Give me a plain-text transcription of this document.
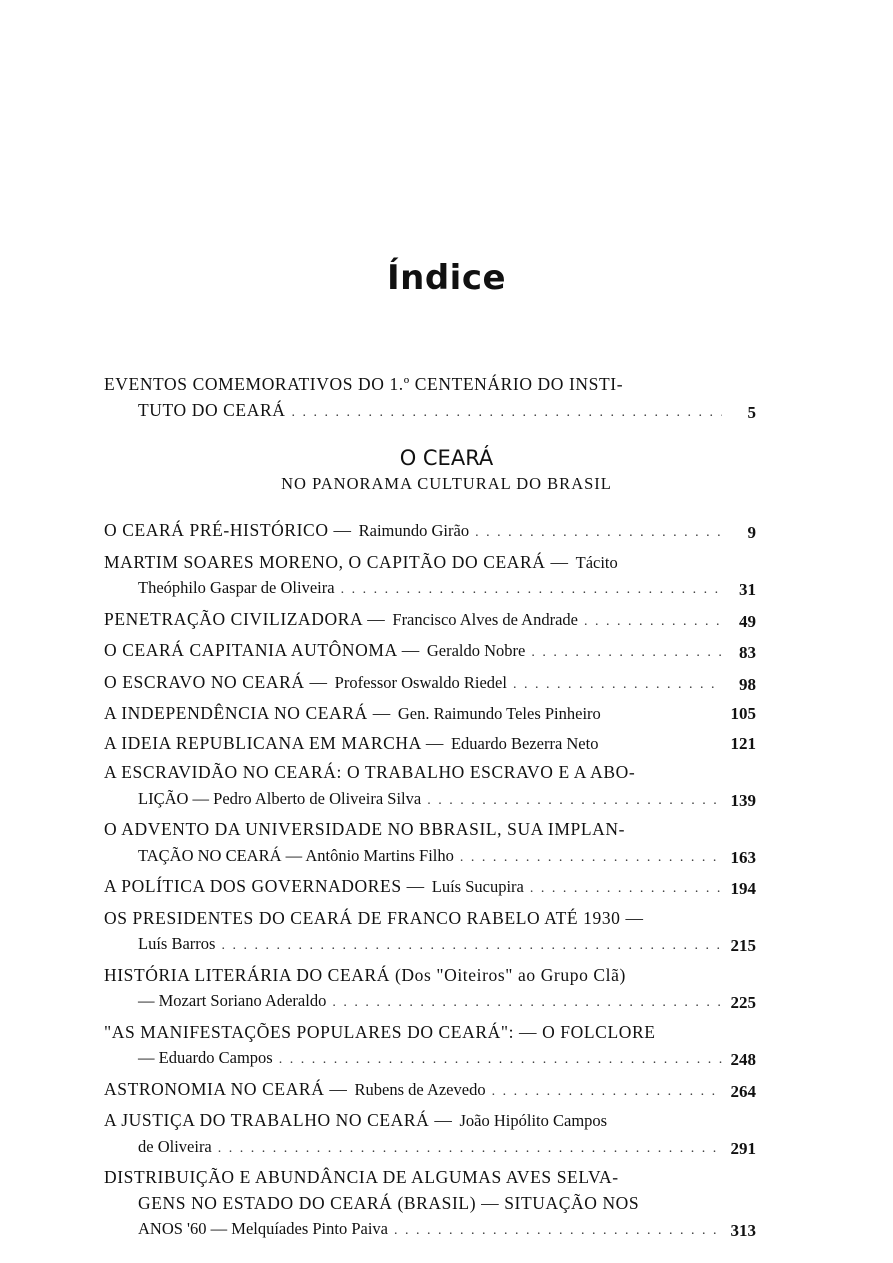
Índice
EVENTOS COMEMORATIVOS DO 1.º CENTENÁRIO DO INSTI-
TUTO DO CEARÁ . . .	5
O CEARÁ
NO PANORAMA CULTURAL DO BRASIL
O CEARÁ PRÉ-HISTÓRICO — Raimundo Girão . . .	9
MARTIM SOARES MORENO, O CAPITÃO DO CEARÁ — Tácito
Theóphilo Gaspar de Oliveira . . .	31
PENETRAÇÃO CIVILIZADORA — Francisco Alves de Andrade . . .	49
O CEARÁ CAPITANIA AUTÔNOMA — Geraldo Nobre . . .	83
O ESCRAVO NO CEARÁ — Professor Oswaldo Riedel . . .	98
A INDEPENDÊNCIA NO CEARÁ — Gen. Raimundo Teles Pinheiro	105
A IDEIA REPUBLICANA EM MARCHA — Eduardo Bezerra Neto	121
A ESCRAVIDÃO NO CEARÁ: O TRABALHO ESCRAVO E A ABO-
LIÇÃO — Pedro Alberto de Oliveira Silva . . .	139
O ADVENTO DA UNIVERSIDADE NO BBRASIL, SUA IMPLAN-
TAÇÃO NO CEARÁ — Antônio Martins Filho . . .	163
A POLÍTICA DOS GOVERNADORES — Luís Sucupira . . .	194
OS PRESIDENTES DO CEARÁ DE FRANCO RABELO ATÉ 1930 —
Luís Barros . . .	215
HISTÓRIA LITERÁRIA DO CEARÁ (Dos "Oiteiros" ao Grupo Clã)
— Mozart Soriano Aderaldo . . .	225
"AS MANIFESTAÇÕES POPULARES DO CEARÁ": — O FOLCLORE
— Eduardo Campos . . .	248
ASTRONOMIA NO CEARÁ — Rubens de Azevedo . . .	264
A JUSTIÇA DO TRABALHO NO CEARÁ — João Hipólito Campos
de Oliveira . . .	291
DISTRIBUIÇÃO E ABUNDÂNCIA DE ALGUMAS AVES SELVA-
GENS NO ESTADO DO CEARÁ (BRASIL) — SITUAÇÃO NOS
ANOS '60 — Melquíades Pinto Paiva . . .	313
